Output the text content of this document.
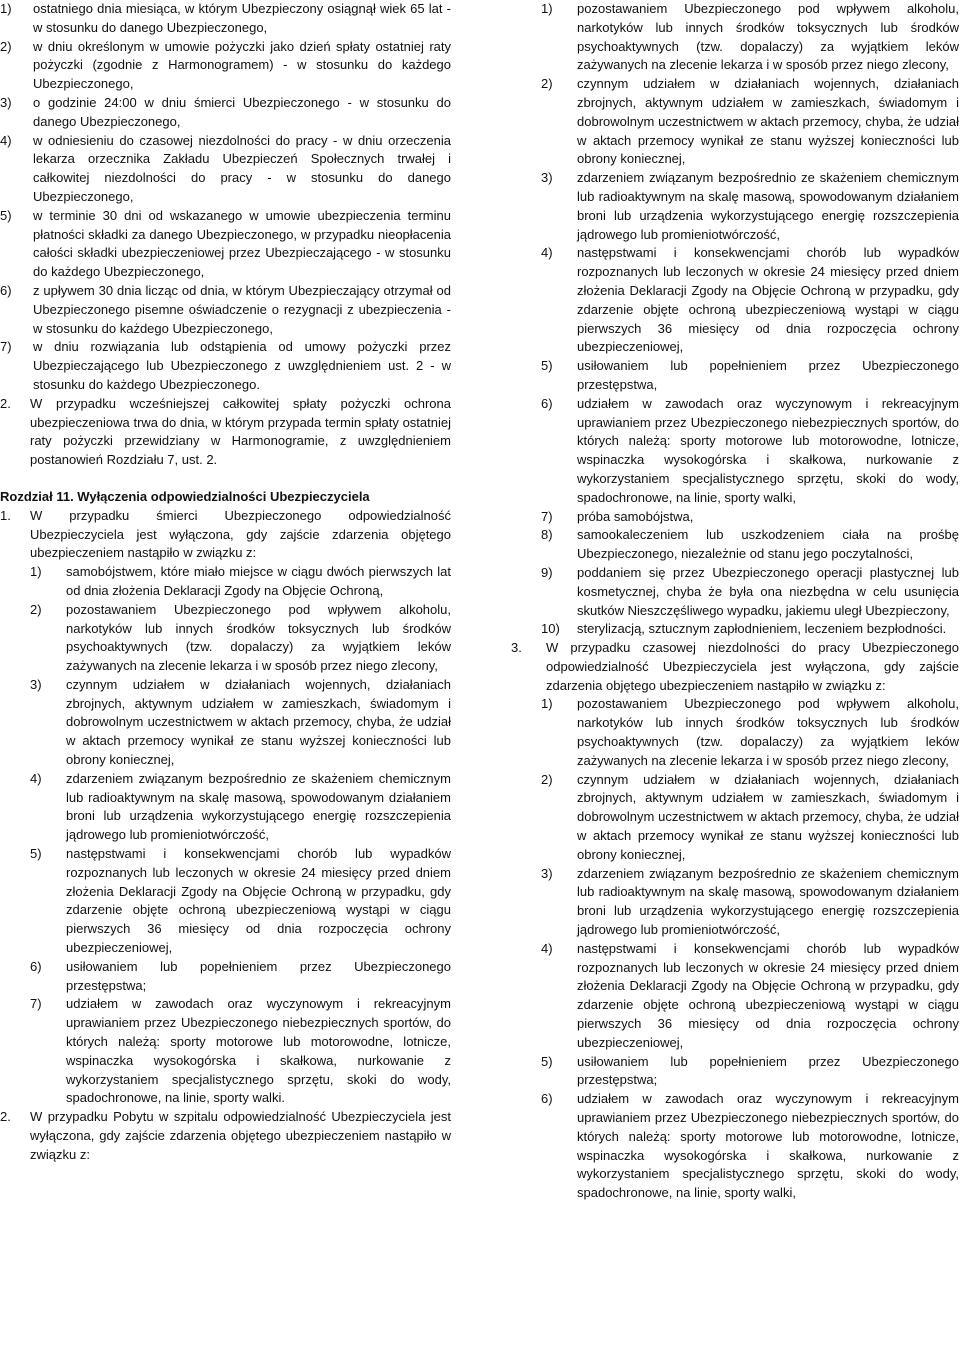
1)	ostatniego dnia miesiąca, w którym Ubezpieczony osiągnął wiek 65 lat - w stosunku do danego Ubezpieczonego,
2)	w dniu określonym w umowie pożyczki jako dzień spłaty ostatniej raty pożyczki (zgodnie z Harmonogramem) - w stosunku do każdego Ubezpieczonego,
3)	o godzinie 24:00 w dniu śmierci Ubezpieczonego - w stosunku do danego Ubezpieczonego,
4)	w odniesieniu do czasowej niezdolności do pracy - w dniu orzeczenia lekarza orzecznika Zakładu Ubezpieczeń Społecznych trwałej i całkowitej niezdolności do pracy - w stosunku do danego Ubezpieczonego,
5)	w terminie 30 dni od wskazanego w umowie ubezpieczenia terminu płatności składki za danego Ubezpieczonego, w przypadku nieopłacenia całości składki ubezpieczeniowej przez Ubezpieczającego - w stosunku do każdego Ubezpieczonego,
6)	z upływem 30 dnia licząc od dnia, w którym Ubezpieczający otrzymał od Ubezpieczonego pisemne oświadczenie o rezygnacji z ubezpieczenia - w stosunku do każdego Ubezpieczonego,
7)	w dniu rozwiązania lub odstąpienia od umowy pożyczki przez Ubezpieczającego lub Ubezpieczonego z uwzględnieniem ust. 2 - w stosunku do każdego Ubezpieczonego.
2.	W przypadku wcześniejszej całkowitej spłaty pożyczki ochrona ubezpieczeniowa trwa do dnia, w którym przypada termin spłaty ostatniej raty pożyczki przewidziany w Harmonogramie, z uwzględnieniem postanowień Rozdziału 7, ust. 2.
Rozdział 11. Wyłączenia odpowiedzialności Ubezpieczyciela
1.	W przypadku śmierci Ubezpieczonego odpowiedzialność Ubezpieczyciela jest wyłączona, gdy zajście zdarzenia objętego ubezpieczeniem nastąpiło w związku z:
1)	samobójstwem, które miało miejsce w ciągu dwóch pierwszych lat od dnia złożenia Deklaracji Zgody na Objęcie Ochroną,
2)	pozostawaniem Ubezpieczonego pod wpływem alkoholu, narkotyków lub innych środków toksycznych lub środków psychoaktywnych (tzw. dopalaczy) za wyjątkiem leków zażywanych na zlecenie lekarza i w sposób przez niego zlecony,
3)	czynnym udziałem w działaniach wojennych, działaniach zbrojnych, aktywnym udziałem w zamieszkach, świadomym i dobrowolnym uczestnictwem w aktach przemocy, chyba, że udział w aktach przemocy wynikał ze stanu wyższej konieczności lub obrony koniecznej,
4)	zdarzeniem związanym bezpośrednio ze skażeniem chemicznym lub radioaktywnym na skalę masową, spowodowanym działaniem broni lub urządzenia wykorzystującego energię rozszczepienia jądrowego lub promieniotwórczość,
5)	następstwami i konsekwencjami chorób lub wypadków rozpoznanych lub leczonych w okresie 24 miesięcy przed dniem złożenia Deklaracji Zgody na Objęcie Ochroną w przypadku, gdy zdarzenie objęte ochroną ubezpieczeniową wystąpi w ciągu pierwszych 36 miesięcy od dnia rozpoczęcia ochrony ubezpieczeniowej,
6)	usiłowaniem lub popełnieniem przez Ubezpieczonego przestępstwa;
7)	udziałem w zawodach oraz wyczynowym i rekreacyjnym uprawianiem przez Ubezpieczonego niebezpiecznych sportów, do których należą: sporty motorowe lub motorowodne, lotnicze, wspinaczka wysokogórska i skałkowa, nurkowanie z wykorzystaniem specjalistycznego sprzętu, skoki do wody, spadochronowe, na linie, sporty walki.
2.	W przypadku Pobytu w szpitalu odpowiedzialność Ubezpieczyciela jest wyłączona, gdy zajście zdarzenia objętego ubezpieczeniem nastąpiło w związku z:
1)	pozostawaniem Ubezpieczonego pod wpływem alkoholu, narkotyków lub innych środków toksycznych lub środków psychoaktywnych (tzw. dopalaczy) za wyjątkiem leków zażywanych na zlecenie lekarza i w sposób przez niego zlecony,
2)	czynnym udziałem w działaniach wojennych, działaniach zbrojnych, aktywnym udziałem w zamieszkach, świadomym i dobrowolnym uczestnictwem w aktach przemocy, chyba, że udział w aktach przemocy wynikał ze stanu wyższej konieczności lub obrony koniecznej,
3)	zdarzeniem związanym bezpośrednio ze skażeniem chemicznym lub radioaktywnym na skalę masową, spowodowanym działaniem broni lub urządzenia wykorzystującego energię rozszczepienia jądrowego lub promieniotwórczość,
4)	następstwami i konsekwencjami chorób lub wypadków rozpoznanych lub leczonych w okresie 24 miesięcy przed dniem złożenia Deklaracji Zgody na Objęcie Ochroną w przypadku, gdy zdarzenie objęte ochroną ubezpieczeniową wystąpi w ciągu pierwszych 36 miesięcy od dnia rozpoczęcia ochrony ubezpieczeniowej,
5)	usiłowaniem lub popełnieniem przez Ubezpieczonego przestępstwa,
6)	udziałem w zawodach oraz wyczynowym i rekreacyjnym uprawianiem przez Ubezpieczonego niebezpiecznych sportów, do których należą: sporty motorowe lub motorowodne, lotnicze, wspinaczka wysokogórska i skałkowa, nurkowanie z wykorzystaniem specjalistycznego sprzętu, skoki do wody, spadochronowe, na linie, sporty walki,
7)	próba samobójstwa,
8)	samookaleczeniem lub uszkodzeniem ciała na prośbę Ubezpieczonego, niezależnie od stanu jego poczytalności,
9)	poddaniem się przez Ubezpieczonego operacji plastycznej lub kosmetycznej, chyba że była ona niezbędna w celu usunięcia skutków Nieszczęśliwego wypadku, jakiemu uległ Ubezpieczony,
10)	sterylizacją, sztucznym zapłodnieniem, leczeniem bezpłodności.
3.	W przypadku czasowej niezdolności do pracy Ubezpieczonego odpowiedzialność Ubezpieczyciela jest wyłączona, gdy zajście zdarzenia objętego ubezpieczeniem nastąpiło w związku z:
1)	pozostawaniem Ubezpieczonego pod wpływem alkoholu, narkotyków lub innych środków toksycznych lub środków psychoaktywnych (tzw. dopalaczy) za wyjątkiem leków zażywanych na zlecenie lekarza i w sposób przez niego zlecony,
2)	czynnym udziałem w działaniach wojennych, działaniach zbrojnych, aktywnym udziałem w zamieszkach, świadomym i dobrowolnym uczestnictwem w aktach przemocy, chyba, że udział w aktach przemocy wynikał ze stanu wyższej konieczności lub obrony koniecznej,
3)	zdarzeniem związanym bezpośrednio ze skażeniem chemicznym lub radioaktywnym na skalę masową, spowodowanym działaniem broni lub urządzenia wykorzystującego energię rozszczepienia jądrowego lub promieniotwórczość,
4)	następstwami i konsekwencjami chorób lub wypadków rozpoznanych lub leczonych w okresie 24 miesięcy przed dniem złożenia Deklaracji Zgody na Objęcie Ochroną w przypadku, gdy zdarzenie objęte ochroną ubezpieczeniową wystąpi w ciągu pierwszych 36 miesięcy od dnia rozpoczęcia ochrony ubezpieczeniowej,
5)	usiłowaniem lub popełnieniem przez Ubezpieczonego przestępstwa;
6)	udziałem w zawodach oraz wyczynowym i rekreacyjnym uprawianiem przez Ubezpieczonego niebezpiecznych sportów, do których należą: sporty motorowe lub motorowodne, lotnicze, wspinaczka wysokogórska i skałkowa, nurkowanie z wykorzystaniem specjalistycznego sprzętu, skoki do wody, spadochronowe, na linie, sporty walki,
